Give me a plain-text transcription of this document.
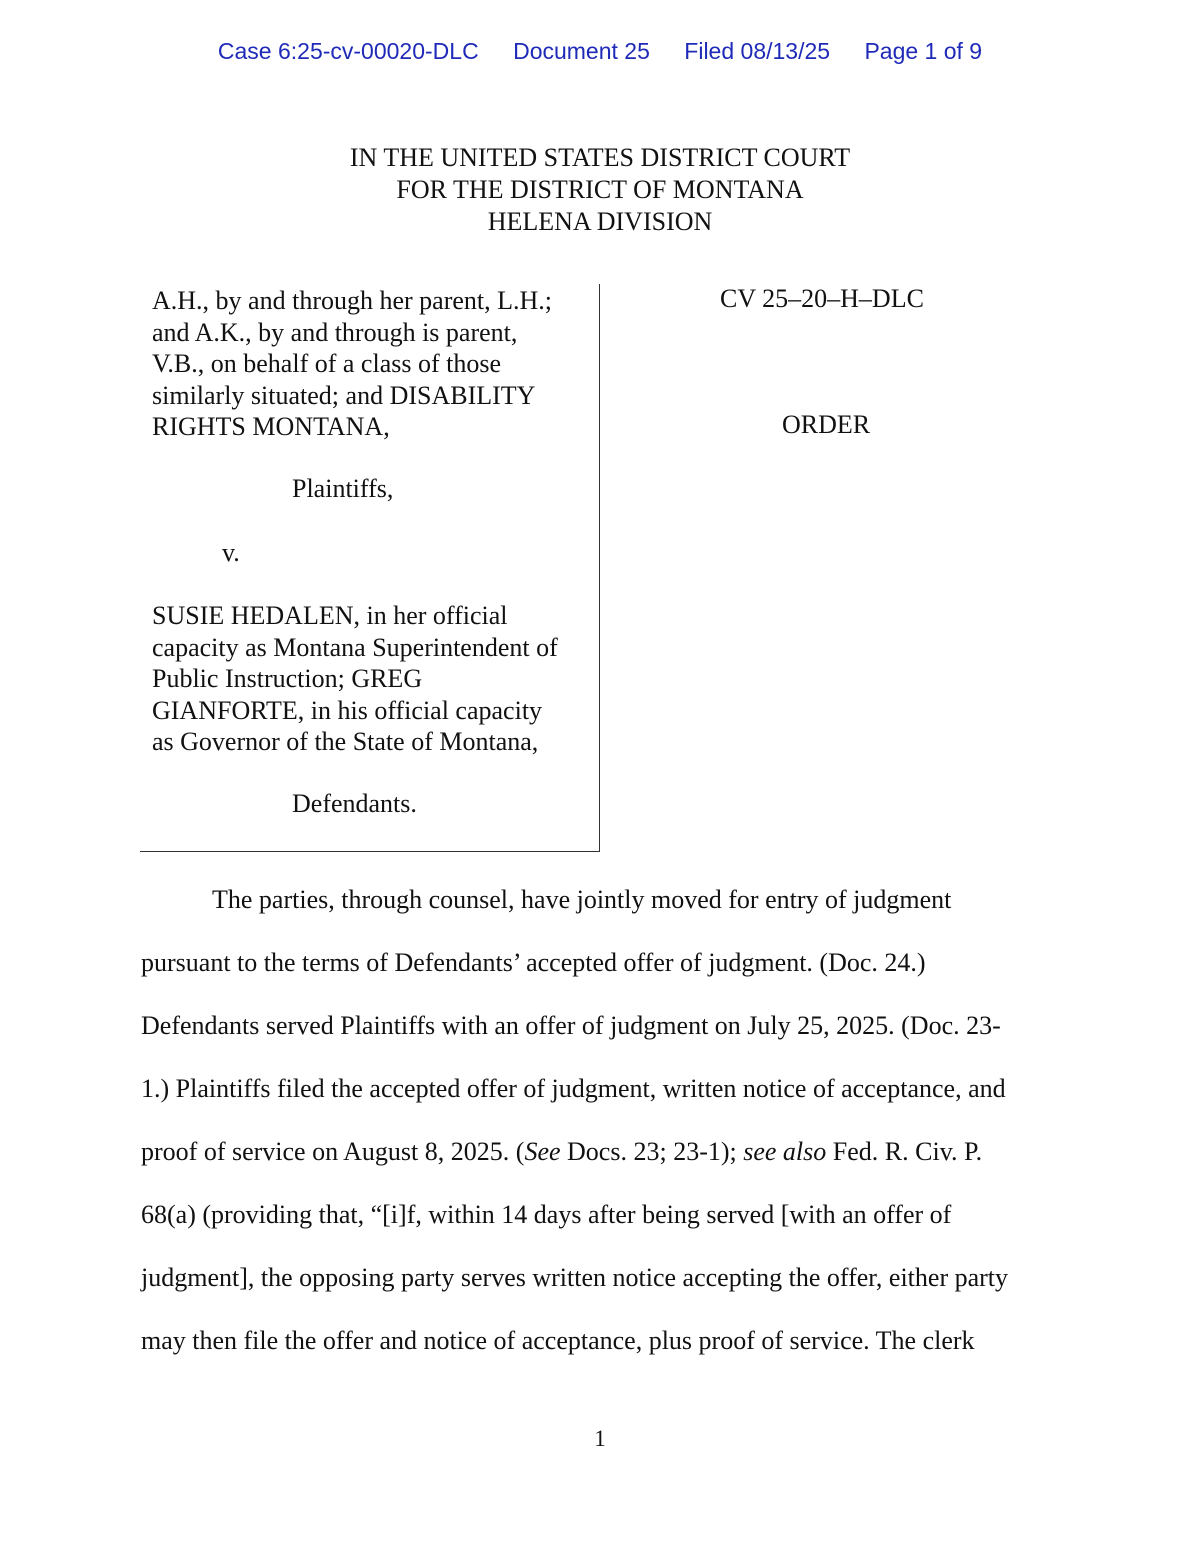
Case 6:25-cv-00020-DLC Document 25 Filed 08/13/25 Page 1 of 9
IN THE UNITED STATES DISTRICT COURT
FOR THE DISTRICT OF MONTANA
HELENA DIVISION
A.H., by and through her parent, L.H.;
and A.K., by and through is parent,
V.B., on behalf of a class of those
similarly situated; and DISABILITY
RIGHTS MONTANA,
Plaintiffs,
v.
SUSIE HEDALEN, in her official
capacity as Montana Superintendent of
Public Instruction; GREG
GIANFORTE, in his official capacity
as Governor of the State of Montana,
Defendants.
CV 25–20–H–DLC
ORDER
The parties, through counsel, have jointly moved for entry of judgment
pursuant to the terms of Defendants’ accepted offer of judgment. (Doc. 24.)
Defendants served Plaintiffs with an offer of judgment on July 25, 2025. (Doc. 23-
1.) Plaintiffs filed the accepted offer of judgment, written notice of acceptance, and
proof of service on August 8, 2025. (See Docs. 23; 23-1); see also Fed. R. Civ. P.
68(a) (providing that, “[i]f, within 14 days after being served [with an offer of
judgment], the opposing party serves written notice accepting the offer, either party
may then file the offer and notice of acceptance, plus proof of service. The clerk
1
